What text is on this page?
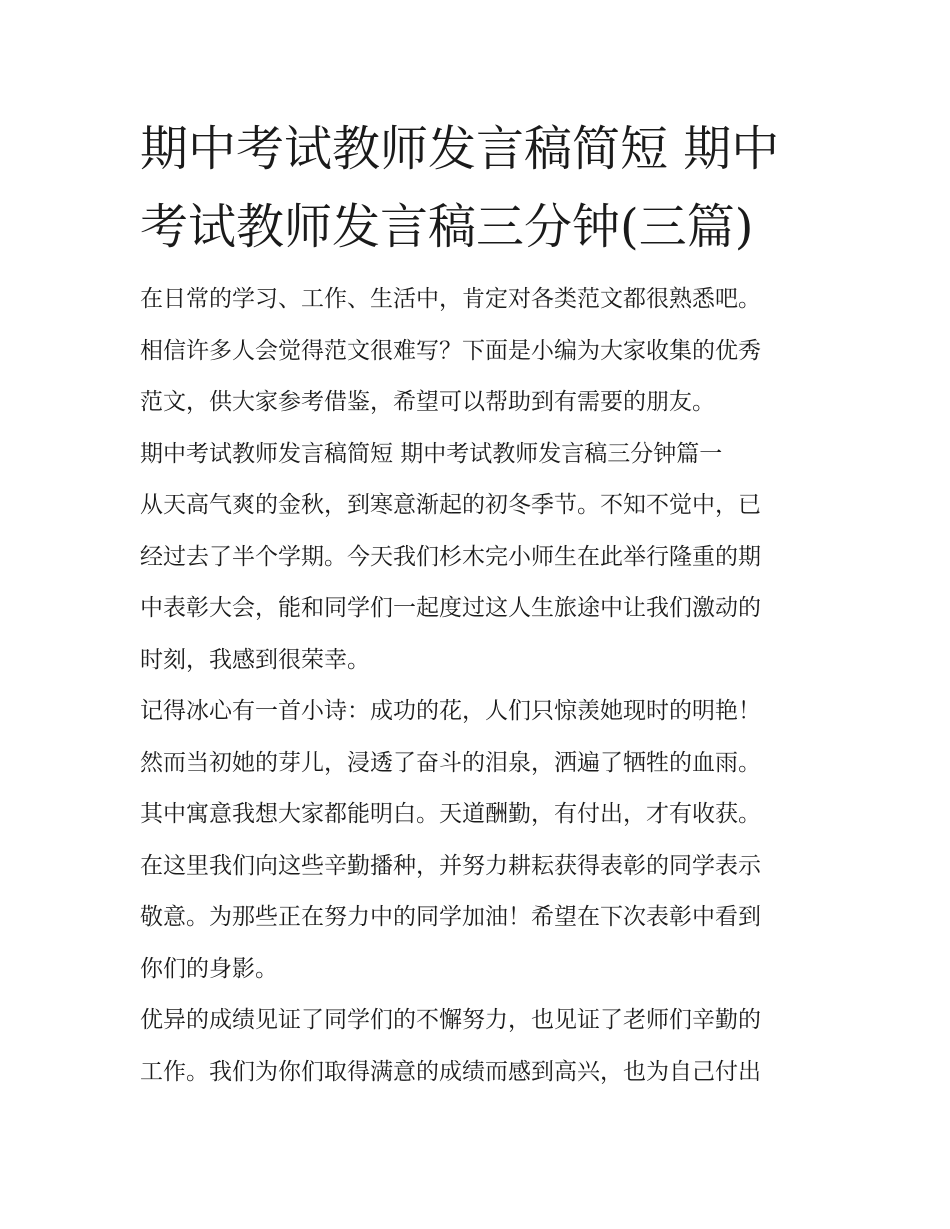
期中考试教师发言稿简短 期中
考试教师发言稿三分钟(三篇)
在日常的学习、工作、生活中，肯定对各类范文都很熟悉吧。
相信许多人会觉得范文很难写？下面是小编为大家收集的优秀
范文，供大家参考借鉴，希望可以帮助到有需要的朋友。
期中考试教师发言稿简短 期中考试教师发言稿三分钟篇一
从天高气爽的金秋，到寒意渐起的初冬季节。不知不觉中，已
经过去了半个学期。今天我们杉木完小师生在此举行隆重的期
中表彰大会，能和同学们一起度过这人生旅途中让我们激动的
时刻，我感到很荣幸。
记得冰心有一首小诗：成功的花，人们只惊羡她现时的明艳！
然而当初她的芽儿，浸透了奋斗的泪泉，洒遍了牺牲的血雨。
其中寓意我想大家都能明白。天道酬勤，有付出，才有收获。
在这里我们向这些辛勤播种，并努力耕耘获得表彰的同学表示
敬意。为那些正在努力中的同学加油！希望在下次表彰中看到
你们的身影。
优异的成绩见证了同学们的不懈努力，也见证了老师们辛勤的
工作。我们为你们取得满意的成绩而感到高兴，也为自己付出
